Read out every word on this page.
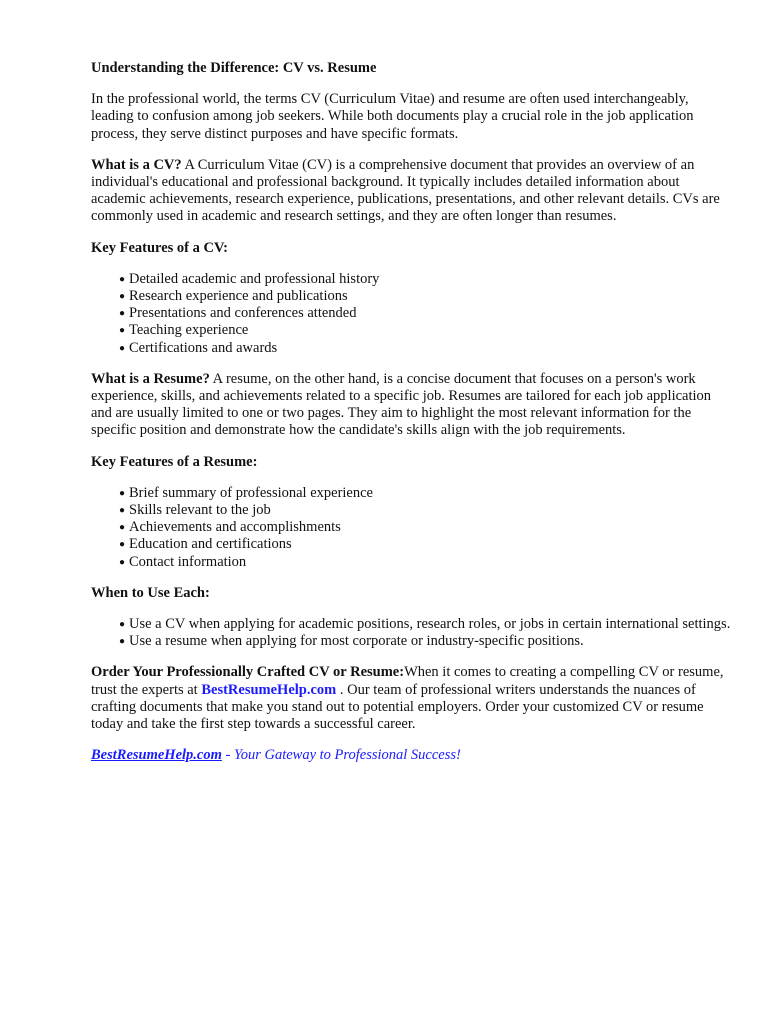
Understanding the Difference: CV vs. Resume

In the professional world, the terms CV (Curriculum Vitae) and resume are often used interchangeably, leading to confusion among job seekers. While both documents play a crucial role in the job application process, they serve distinct purposes and have specific formats.

What is a CV? A Curriculum Vitae (CV) is a comprehensive document that provides an overview of an individual's educational and professional background. It typically includes detailed information about academic achievements, research experience, publications, presentations, and other relevant details. CVs are commonly used in academic and research settings, and they are often longer than resumes.

Key Features of a CV:
● Detailed academic and professional history
● Research experience and publications
● Presentations and conferences attended
● Teaching experience
● Certifications and awards

What is a Resume? A resume, on the other hand, is a concise document that focuses on a person's work experience, skills, and achievements related to a specific job. Resumes are tailored for each job application and are usually limited to one or two pages. They aim to highlight the most relevant information for the specific position and demonstrate how the candidate's skills align with the job requirements.

Key Features of a Resume:
● Brief summary of professional experience
● Skills relevant to the job
● Achievements and accomplishments
● Education and certifications
● Contact information
When to Use Each:
● Use a CV when applying for academic positions, research roles, or jobs in certain international settings.
● Use a resume when applying for most corporate or industry-specific positions.

Order Your Professionally Crafted CV or Resume:When it comes to creating a compelling CV or resume, trust the experts at BestResumeHelp.com . Our team of professional writers understands the nuances of crafting documents that make you stand out to potential employers. Order your customized CV or resume today and take the first step towards a successful career.

BestResumeHelp.com - Your Gateway to Professional Success!
